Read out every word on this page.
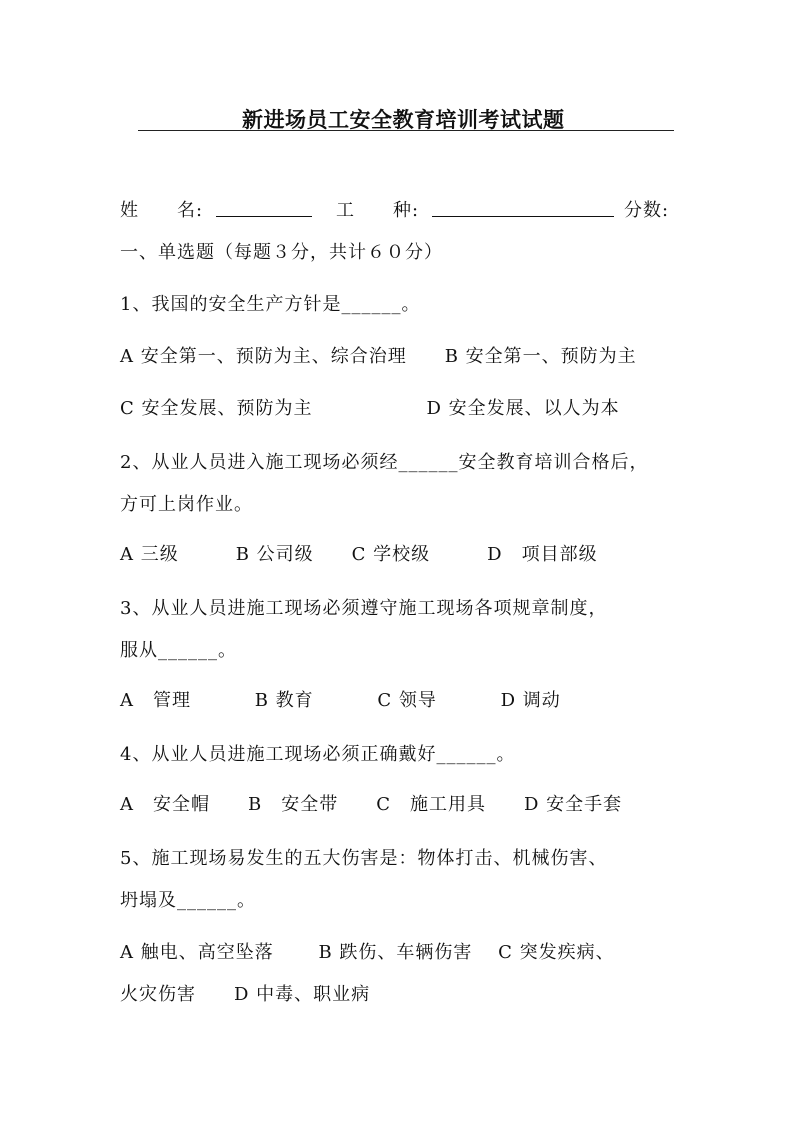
新进场员工安全教育培训考试试题
姓　　名:	工　　种:	分数:
一、单选题（每题３分，共计６０分）
1、我国的安全生产方针是______。
A 安全第一、预防为主、综合治理　　B 安全第一、预防为主
C 安全发展、预防为主　　　　　　D 安全发展、以人为本
2、从业人员进入施工现场必须经______安全教育培训合格后，
方可上岗作业。
A 三级　　　B 公司级　　C 学校级　　　D　项目部级
3、从业人员进施工现场必须遵守施工现场各项规章制度，
服从______。
A　管理　　　 B 教育　　　 C 领导　　　 D 调动
4、从业人员进施工现场必须正确戴好______。
A　安全帽　　B　安全带　　C　施工用具　　D 安全手套
5、施工现场易发生的五大伤害是：物体打击、机械伤害、
坍塌及______。
A 触电、高空坠落　　 B 跌伤、车辆伤害　 C 突发疾病、
火灾伤害　　D 中毒、职业病
